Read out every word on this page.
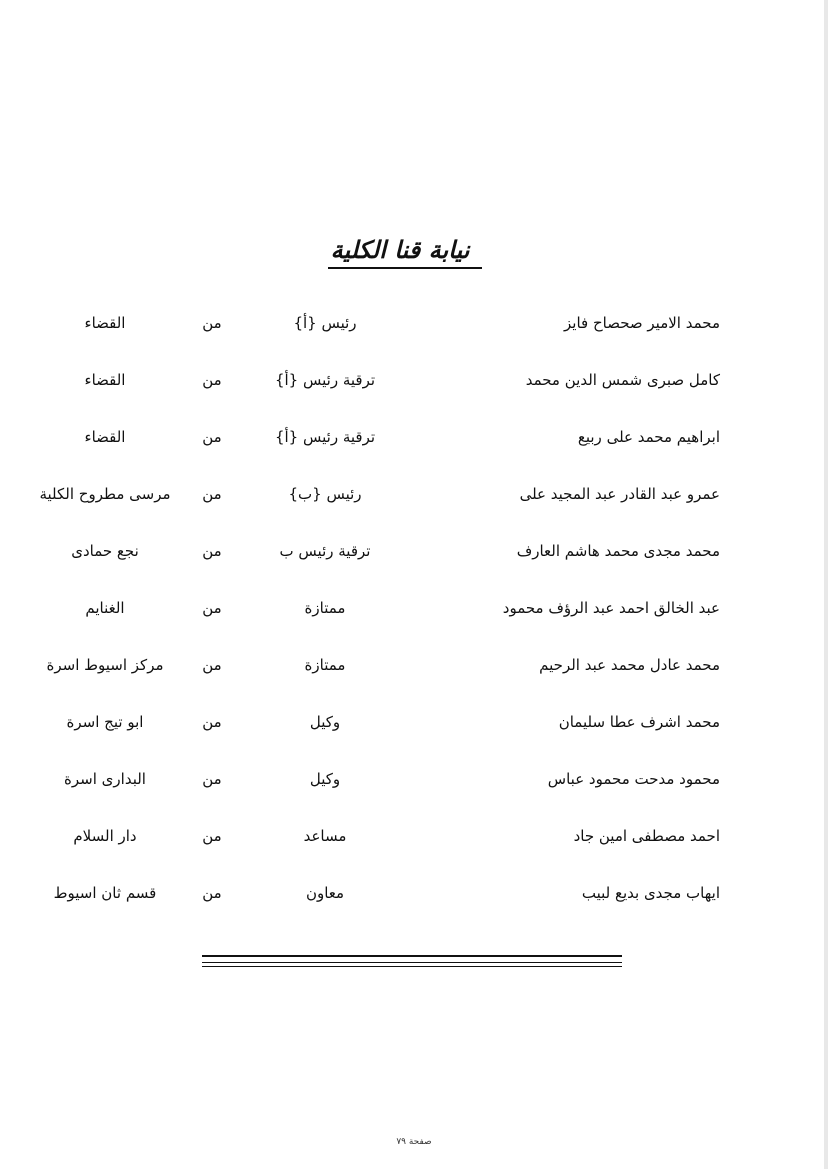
نيابة قنا الكلية
محمد الامير صحصاح فايز
رئيس {أ}
من
القضاء
كامل صبرى شمس الدين محمد
ترقية رئيس {أ}
من
القضاء
ابراهيم محمد على ربيع
ترقية رئيس {أ}
من
القضاء
عمرو عبد القادر عبد المجيد على
رئيس {ب}
من
مرسى مطروح الكلية
محمد مجدى محمد هاشم العارف
ترقية رئيس ب
من
نجع حمادى
عبد الخالق احمد عبد الرؤف محمود
ممتازة
من
الغنايم
محمد عادل محمد عبد الرحيم
ممتازة
من
مركز اسيوط اسرة
محمد اشرف عطا سليمان
وكيل
من
ابو تيج اسرة
محمود مدحت محمود عباس
وكيل
من
البدارى اسرة
احمد مصطفى امين جاد
مساعد
من
دار السلام
ايهاب مجدى بديع لبيب
معاون
من
قسم ثان اسيوط
صفحة ٧٩
